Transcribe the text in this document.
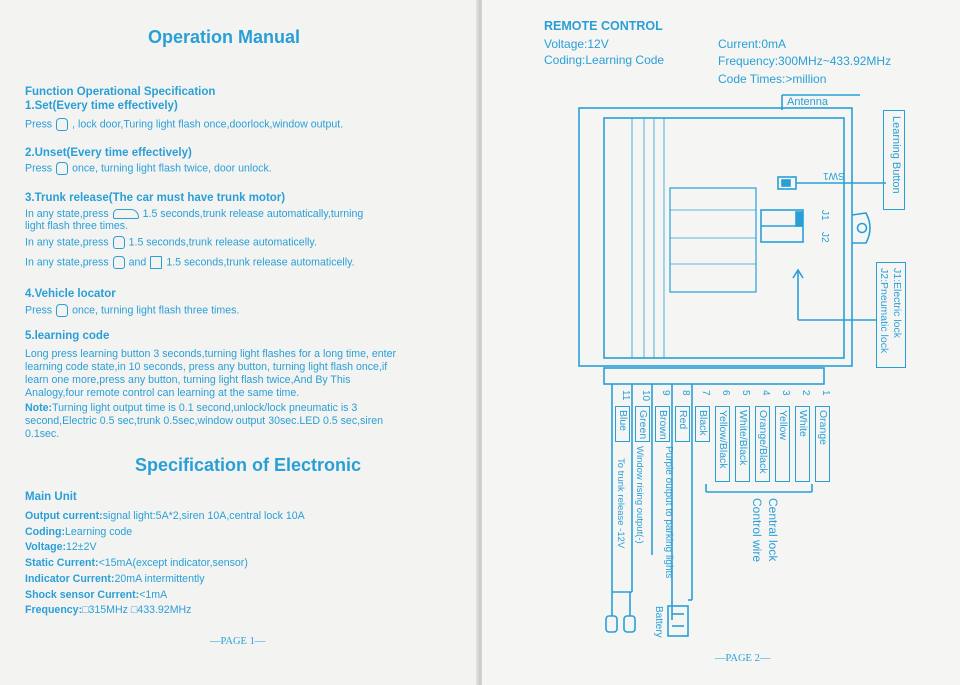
Operation Manual
Function Operational Specification
1.Set(Every time effectively)
Press , lock door,Turing light flash once,doorlock,window output.
2.Unset(Every time effectively)
Press once, turning light flash twice, door unlock.
3.Trunk release(The car must have trunk motor)
In any state,press	1.5 seconds,trunk release automatically,turning
light flash three times.
In any state,press 1.5 seconds,trunk release automaticelly.
In any state,press and 1.5 seconds,trunk release automaticelly.
4.Vehicle locator
Press once, turning light flash three times.
5.learning code
Long press learning button 3 seconds,turning light flashes for a long time, enter
learning code state,in 10 seconds, press any button, turning light flash once,if
learn one more,press any button, turning light flash twice,And By This
Analogy,four remote control can learning at the same time.
Note:Turning light output time is 0.1 second,unlock/lock pneumatic is 3
second,Electric 0.5 sec,trunk 0.5sec,window output 30sec.LED 0.5 sec,siren
0.1sec.
Specification of Electronic
Main Unit
Output current:signal light:5A*2,siren 10A,central lock 10A
Coding:Learning code
Voltage:12±2V
Static Current:<15mA(except indicator,sensor)
Indicator Current:20mA intermittently
Shock sensor Current:<1mA
Frequency:□315MHz □433.92MHz
—PAGE 1—
REMOTE CONTROL
Voltage:12V
Coding:Learning Code
Current:0mA
Frequency:300MHz~433.92MHz
Code Times:>million
Antenna
Learning Button
SW1
J1
J2
J1:Electric lock
J2:Pneumatic lock
1
Orange
2
White
3
Yellow
4
Orange/Black
5
White/Black
6
Yellow/Black
7
Black
8
Red
9
Brown
10
Green
11
Blue
Purple output to parking lights
Window rising output(-)
To trunk release -12V	Central lock
Control wire
Battery
—PAGE 2—
